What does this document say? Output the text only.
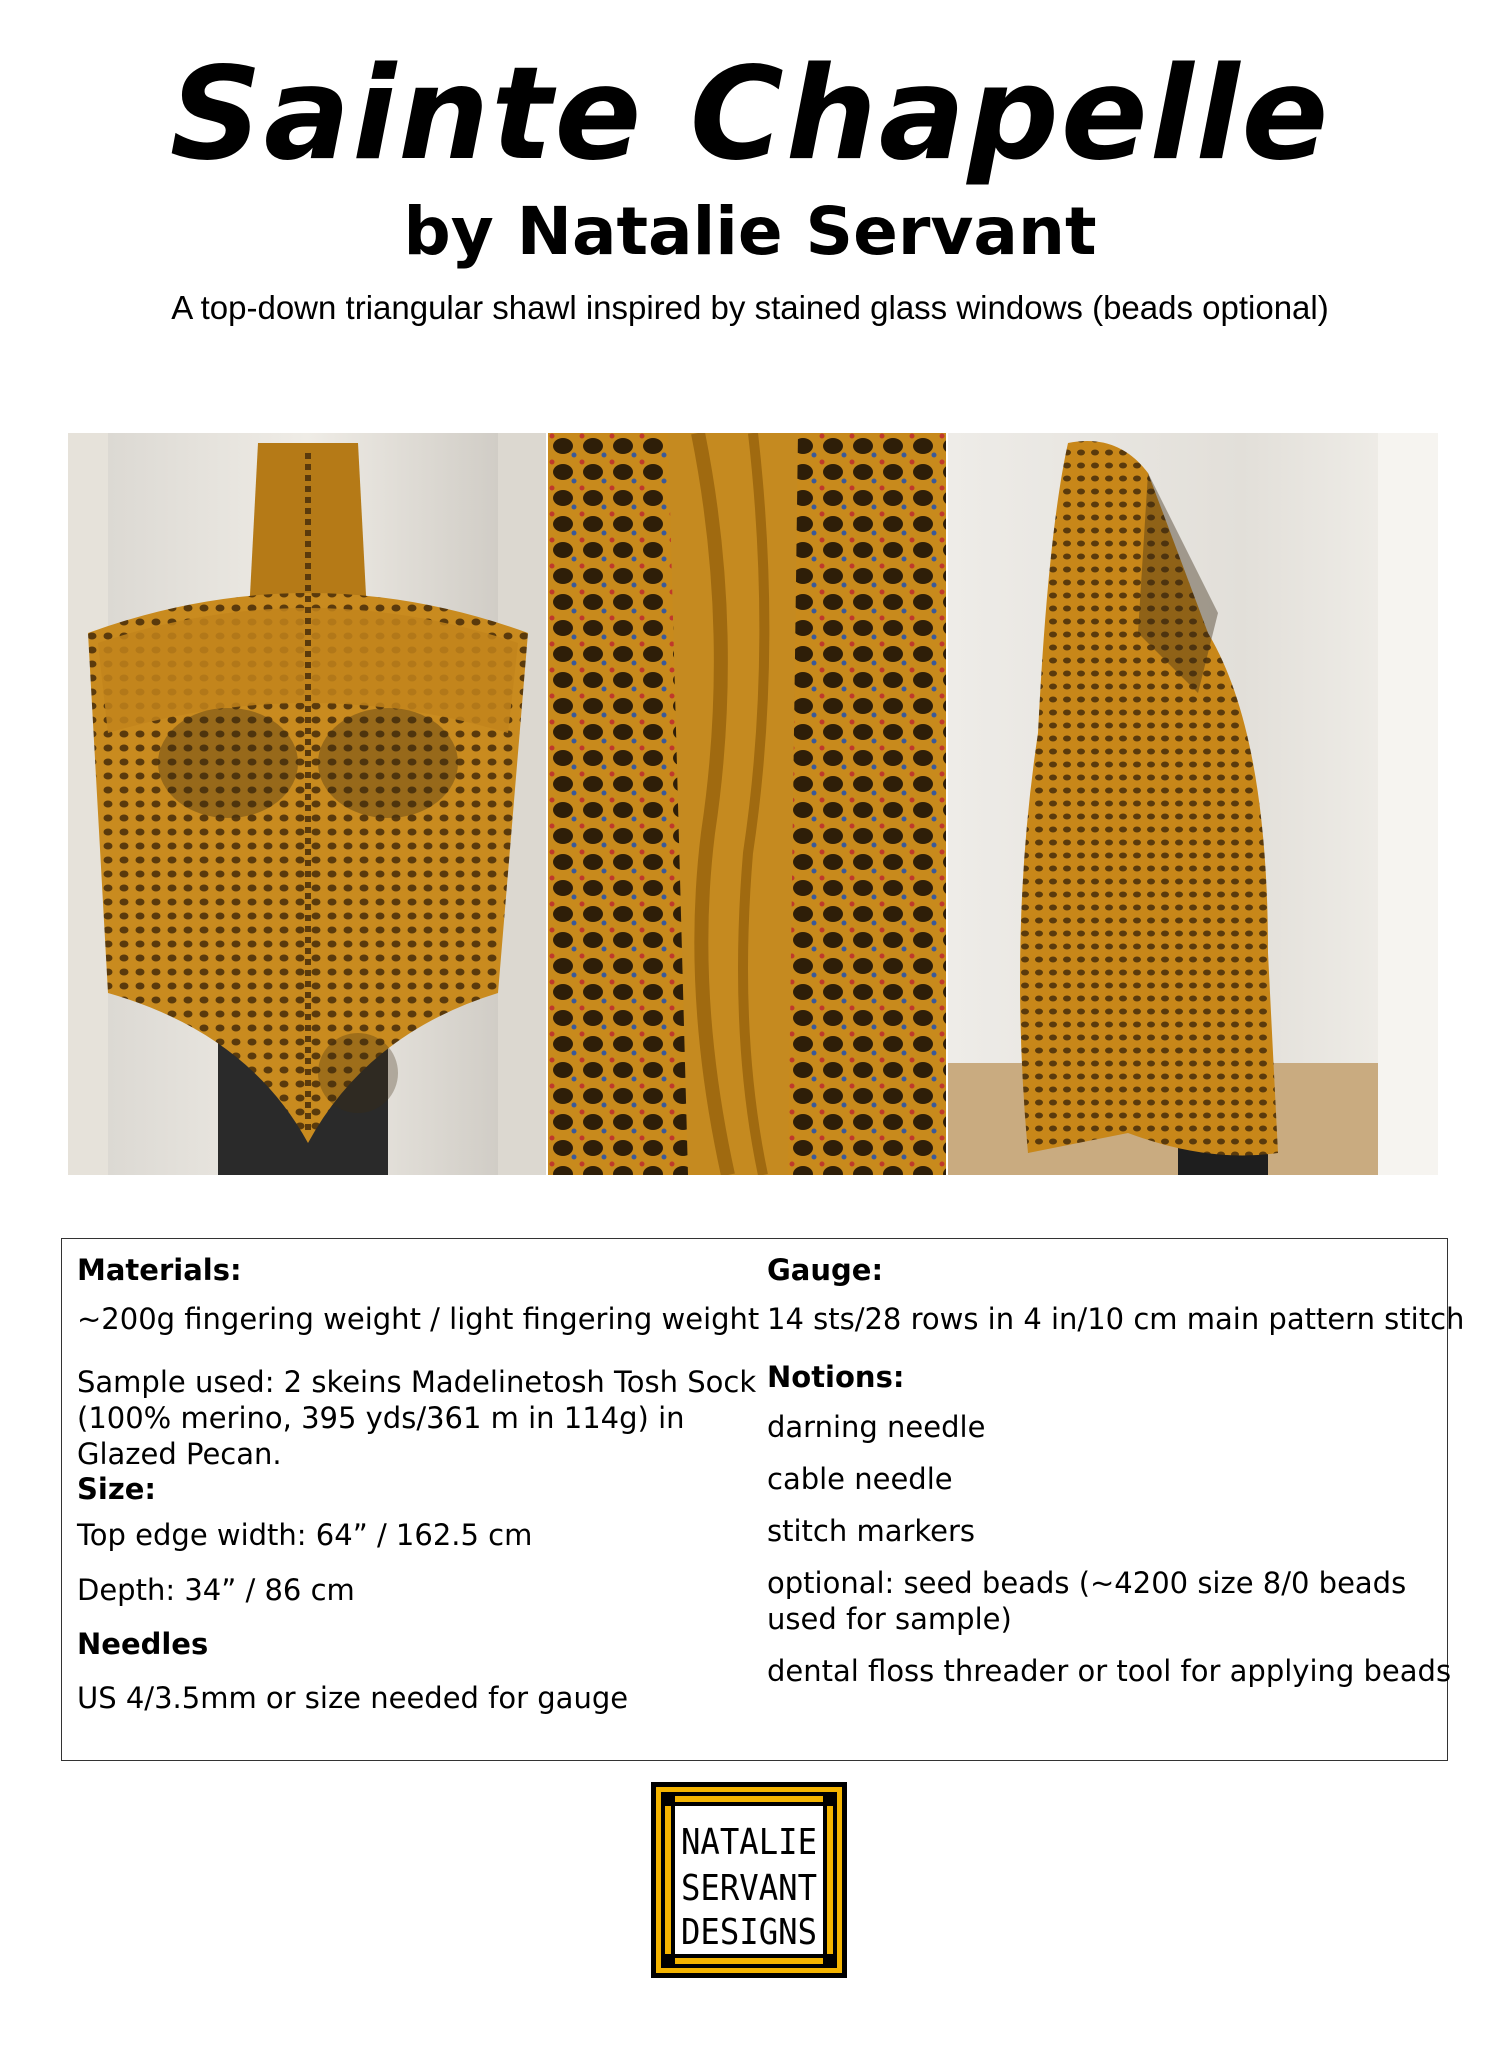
Sainte Chapelle
by Natalie Servant
A top-down triangular shawl inspired by stained glass windows (beads optional)
Materials:
~200g fingering weight / light fingering weight
Sample used: 2 skeins Madelinetosh Tosh Sock (100% merino, 395 yds/361 m in 114g) in Glazed Pecan.
Size:
Top edge width: 64” / 162.5 cm
Depth: 34” / 86 cm
Needles
US 4/3.5mm or size needed for gauge
Gauge:
14 sts/28 rows in 4 in/10 cm main pattern stitch
Notions:
darning needle
cable needle
stitch markers
optional: seed beads (~4200 size 8/0 beads used for sample)
dental floss threader or tool for applying beads
NATALIE
SERVANT
DESIGNS
